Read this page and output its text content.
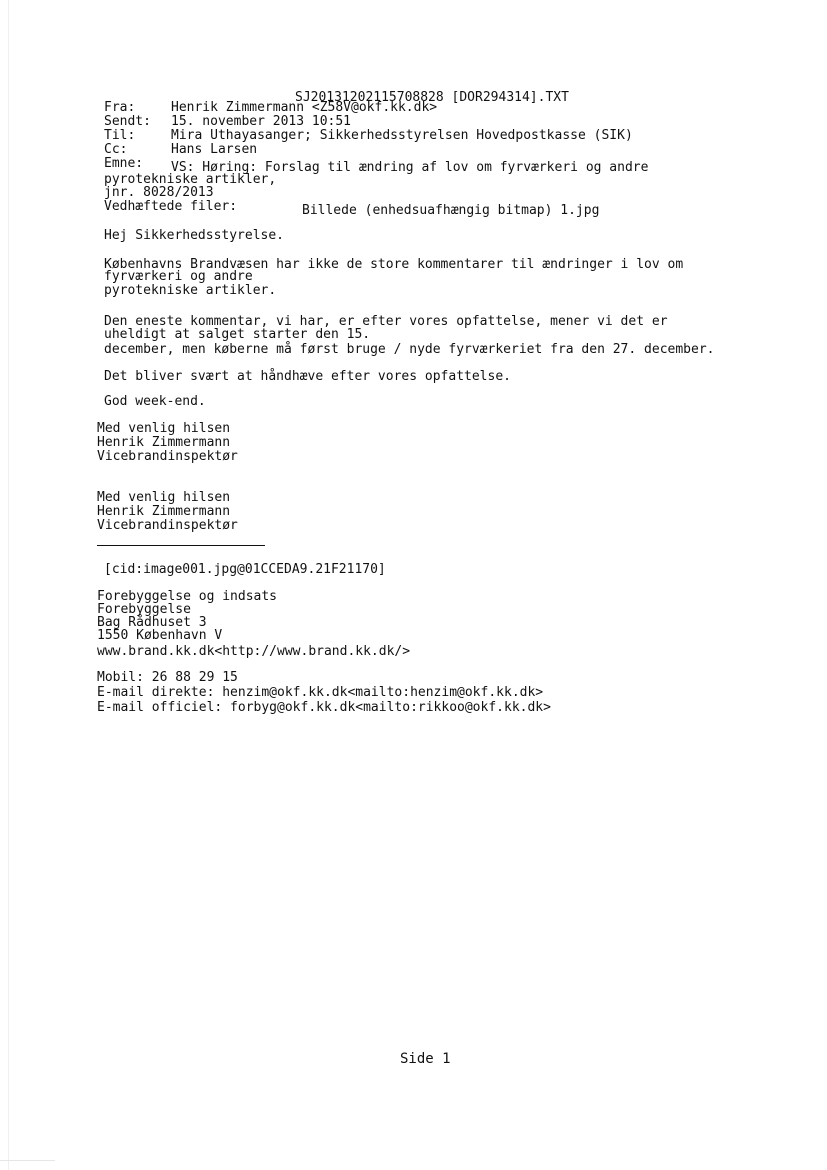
SJ20131202115708828 [DOR294314].TXT
Fra:	Henrik Zimmermann <Z58V@okf.kk.dk>
Sendt: 15. november 2013 10:51
Til:	Mira Uthayasanger; Sikkerhedsstyrelsen Hovedpostkasse (SIK)
Cc:	Hans Larsen
Emne: VS: Høring: Forslag til ændring af lov om fyrværkeri og andre
pyrotekniske artikler,
jnr. 8028/2013
Vedhæftede filer:	Billede (enhedsuafhængig bitmap) 1.jpg
Hej Sikkerhedsstyrelse.
Københavns Brandvæsen har ikke de store kommentarer til ændringer i lov om
fyrværkeri og andre
pyrotekniske artikler.
Den eneste kommentar, vi har, er efter vores opfattelse, mener vi det er
uheldigt at salget starter den 15.
december, men køberne må først bruge / nyde fyrværkeriet fra den 27. december.
Det bliver svært at håndhæve efter vores opfattelse.
God week-end.
Med venlig hilsen
Henrik Zimmermann
Vicebrandinspektør
Med venlig hilsen
Henrik Zimmermann
Vicebrandinspektør
[cid:image001.jpg@01CCEDA9.21F21170]
Forebyggelse og indsats
Forebyggelse
Bag Rådhuset 3
1550 København V
www.brand.kk.dk<http://www.brand.kk.dk/>
Mobil: 26 88 29 15
E-mail direkte: henzim@okf.kk.dk<mailto:henzim@okf.kk.dk>
E-mail officiel: forbyg@okf.kk.dk<mailto:rikkoo@okf.kk.dk>
Side 1
